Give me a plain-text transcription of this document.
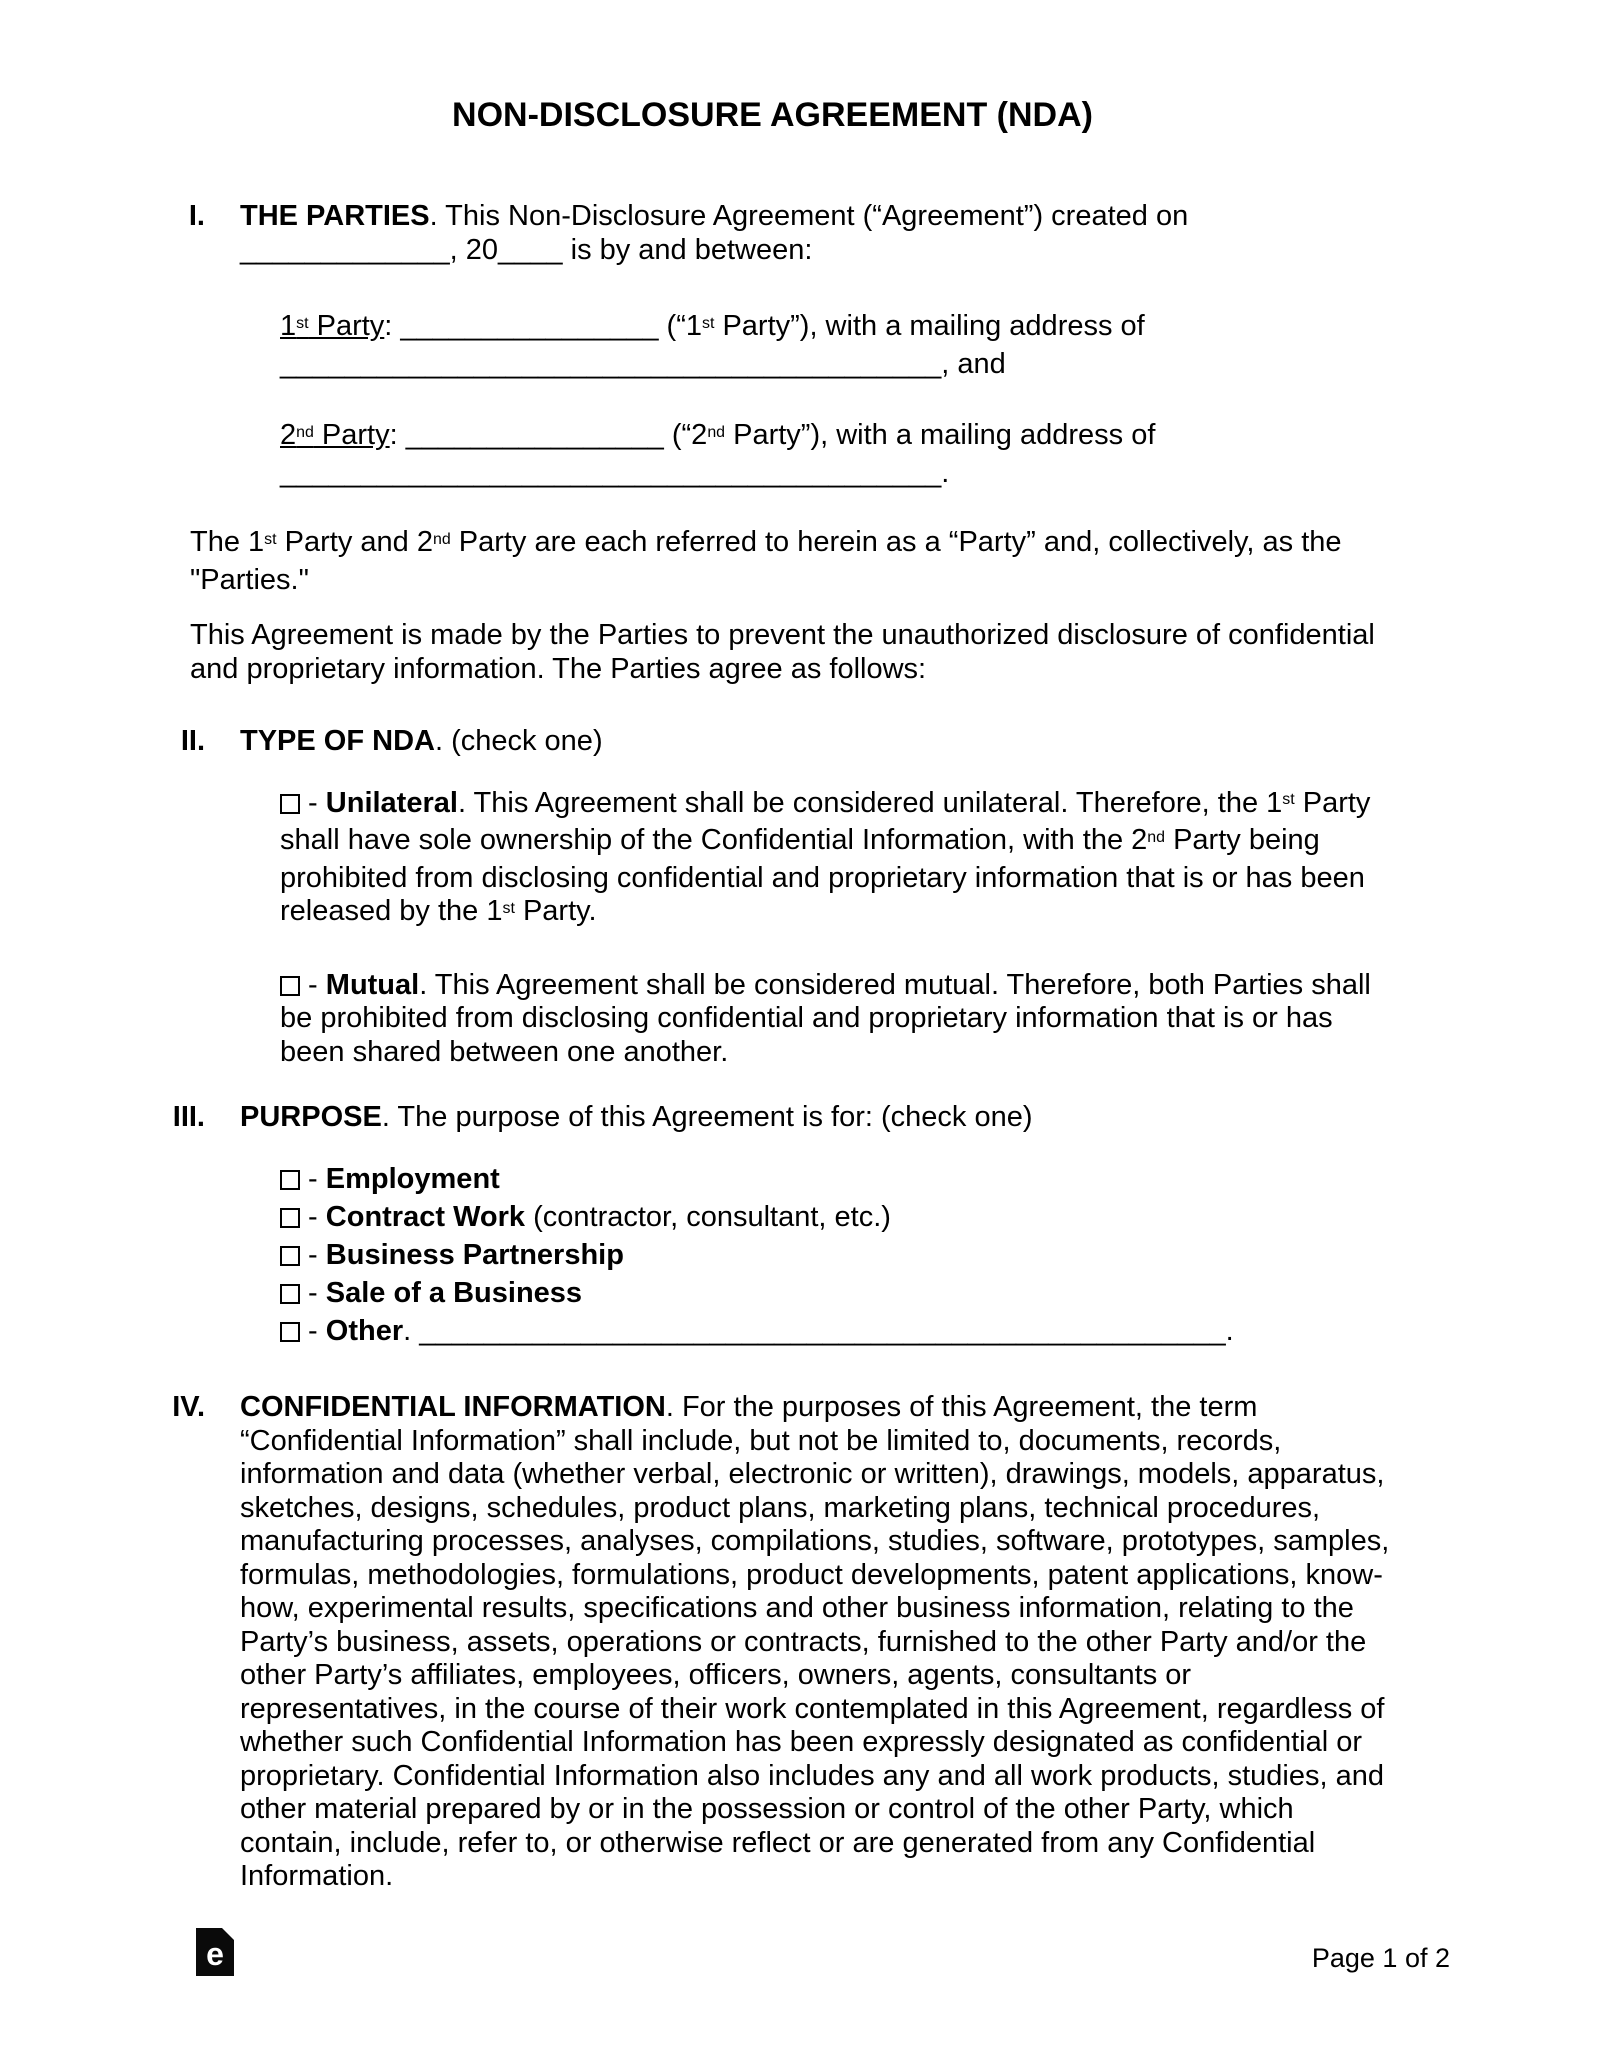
NON-DISCLOSURE AGREEMENT (NDA)
I. THE PARTIES. This Non-Disclosure Agreement (“Agreement”) created on _____________, 20____ is by and between:
1st Party: ________________ (“1st Party”), with a mailing address of _________________________________________, and
2nd Party: ________________ (“2nd Party”), with a mailing address of _________________________________________.
The 1st Party and 2nd Party are each referred to herein as a “Party” and, collectively, as the "Parties."
This Agreement is made by the Parties to prevent the unauthorized disclosure of confidential and proprietary information. The Parties agree as follows:
II. TYPE OF NDA. (check one)
- Unilateral. This Agreement shall be considered unilateral. Therefore, the 1st Party shall have sole ownership of the Confidential Information, with the 2nd Party being prohibited from disclosing confidential and proprietary information that is or has been released by the 1st Party.
- Mutual. This Agreement shall be considered mutual. Therefore, both Parties shall be prohibited from disclosing confidential and proprietary information that is or has been shared between one another.
III. PURPOSE. The purpose of this Agreement is for: (check one)
- Employment
- Contract Work (contractor, consultant, etc.)
- Business Partnership
- Sale of a Business
- Other. __________________________________________________.
IV. CONFIDENTIAL INFORMATION. For the purposes of this Agreement, the term “Confidential Information” shall include, but not be limited to, documents, records, information and data (whether verbal, electronic or written), drawings, models, apparatus, sketches, designs, schedules, product plans, marketing plans, technical procedures, manufacturing processes, analyses, compilations, studies, software, prototypes, samples, formulas, methodologies, formulations, product developments, patent applications, know-how, experimental results, specifications and other business information, relating to the Party’s business, assets, operations or contracts, furnished to the other Party and/or the other Party’s affiliates, employees, officers, owners, agents, consultants or representatives, in the course of their work contemplated in this Agreement, regardless of whether such Confidential Information has been expressly designated as confidential or proprietary. Confidential Information also includes any and all work products, studies, and other material prepared by or in the possession or control of the other Party, which contain, include, refer to, or otherwise reflect or are generated from any Confidential Information.
e	Page 1 of 2
